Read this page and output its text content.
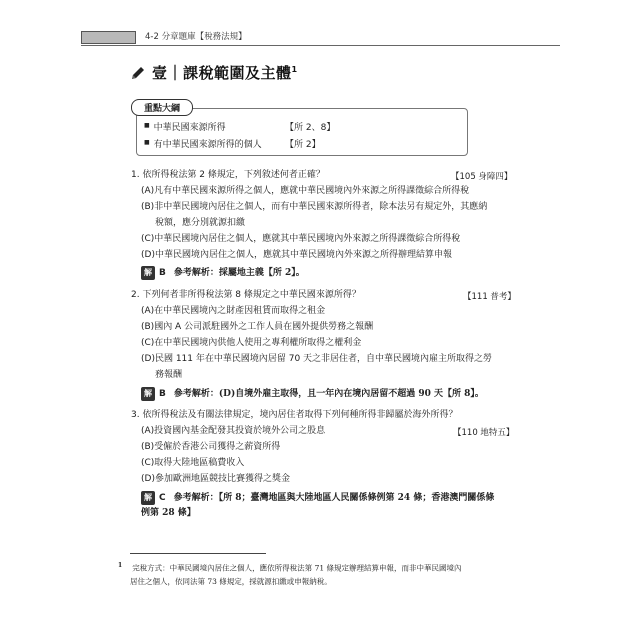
4-2 分章題庫【稅務法規】
壹｜課稅範圍及主體$^1$
重點大綱
■ 中華民國來源所得	【所 2、8】
■ 有中華民國來源所得的個人	【所 2】
1. 依所得稅法第 2 條規定，下列敘述何者正確？	【105 身障四】
(A)凡有中華民國來源所得之個人，應就中華民國境內外來源之所得課徵綜合所得稅
(B)非中華民國境內居住之個人，而有中華民國來源所得者，除本法另有規定外，其應納
稅額，應分別就源扣繳
(C)中華民國境內居住之個人，應就其中華民國境內外來源之所得課徵綜合所得稅
(D)中華民國境內居住之個人，應就其中華民國境內外來源之所得辦理結算申報
解 B 參考解析：採屬地主義【所 2】。
2. 下列何者非所得稅法第 8 條規定之中華民國來源所得？	【111 普考】
(A)在中華民國境內之財產因租賃而取得之租金
(B)國內 A 公司派駐國外之工作人員在國外提供勞務之報酬
(C)在中華民國境內供他人使用之專利權所取得之權利金
(D)民國 111 年在中華民國境內居留 70 天之非居住者，自中華民國境內雇主所取得之勞
務報酬
解 B 參考解析：(D)自境外雇主取得，且一年內在境內居留不超過 90 天【所 8】。
3. 依所得稅法及有關法律規定，境內居住者取得下列何種所得非歸屬於海外所得？
【110 地特五】
(A)投資國內基金配發其投資於境外公司之股息
(B)受僱於香港公司獲得之薪資所得
(C)取得大陸地區稿費收入
(D)參加歐洲地區競技比賽獲得之獎金
解 C 參考解析：【所 8；臺灣地區與大陸地區人民關係條例第 24 條；香港澳門關係條
例第 28 條】
$^1$ 完稅方式：中華民國境內居住之個人，應依所得稅法第 71 條規定辦理結算申報，而非中華民國境內
居住之個人，依同法第 73 條規定，採就源扣繳或申報納稅。
